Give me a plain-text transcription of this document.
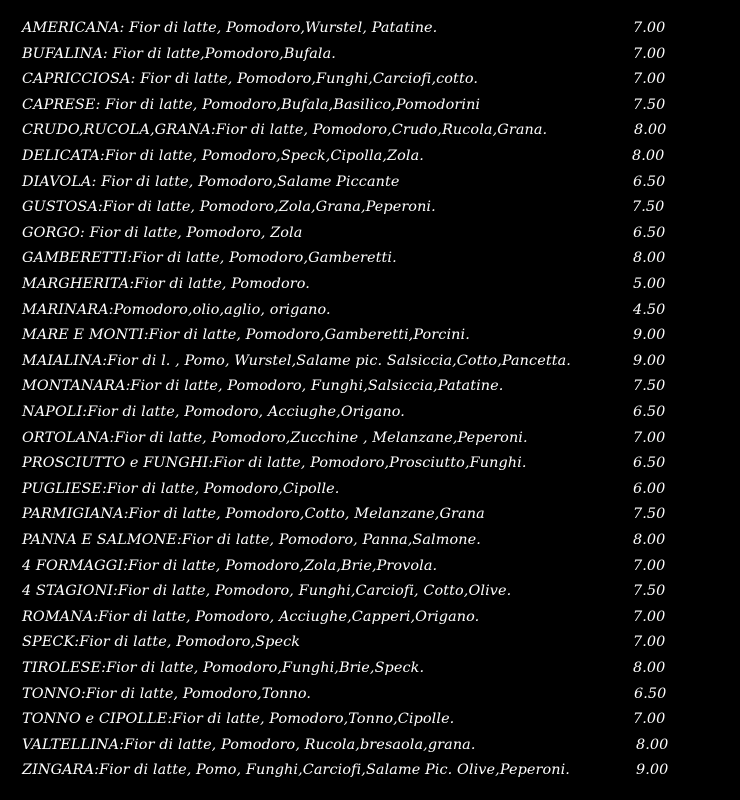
AMERICANA: Fior di latte, Pomodoro,Wurstel, Patatine.	7.00
BUFALINA: Fior di latte,Pomodoro,Bufala.	7.00
CAPRICCIOSA: Fior di latte, Pomodoro,Funghi,Carciofi,cotto.	7.00
CAPRESE: Fior di latte, Pomodoro,Bufala,Basilico,Pomodorini	7.50
CRUDO,RUCOLA,GRANA:Fior di latte, Pomodoro,Crudo,Rucola,Grana.	8.00
DELICATA:Fior di latte, Pomodoro,Speck,Cipolla,Zola.	8.00
DIAVOLA: Fior di latte, Pomodoro,Salame Piccante	6.50
GUSTOSA:Fior di latte, Pomodoro,Zola,Grana,Peperoni.	7.50
GORGO: Fior di latte, Pomodoro, Zola	6.50
GAMBERETTI:Fior di latte, Pomodoro,Gamberetti.	8.00
MARGHERITA:Fior di latte, Pomodoro.	5.00
MARINARA:Pomodoro,olio,aglio, origano.	4.50
MARE E MONTI:Fior di latte, Pomodoro,Gamberetti,Porcini.	9.00
MAIALINA:Fior di l. , Pomo, Wurstel,Salame pic. Salsiccia,Cotto,Pancetta.	9.00
MONTANARA:Fior di latte, Pomodoro, Funghi,Salsiccia,Patatine.	7.50
NAPOLI:Fior di latte, Pomodoro, Acciughe,Origano.	6.50
ORTOLANA:Fior di latte, Pomodoro,Zucchine , Melanzane,Peperoni.	7.00
PROSCIUTTO e FUNGHI:Fior di latte, Pomodoro,Prosciutto,Funghi.	6.50
PUGLIESE:Fior di latte, Pomodoro,Cipolle.	6.00
PARMIGIANA:Fior di latte, Pomodoro,Cotto, Melanzane,Grana	7.50
PANNA E SALMONE:Fior di latte, Pomodoro, Panna,Salmone.	8.00
4 FORMAGGI:Fior di latte, Pomodoro,Zola,Brie,Provola.	7.00
4 STAGIONI:Fior di latte, Pomodoro, Funghi,Carciofi, Cotto,Olive.	7.50
ROMANA:Fior di latte, Pomodoro, Acciughe,Capperi,Origano.	7.00
SPECK:Fior di latte, Pomodoro,Speck	7.00
TIROLESE:Fior di latte, Pomodoro,Funghi,Brie,Speck.	8.00
TONNO:Fior di latte, Pomodoro,Tonno.	6.50
TONNO e CIPOLLE:Fior di latte, Pomodoro,Tonno,Cipolle.	7.00
VALTELLINA:Fior di latte, Pomodoro, Rucola,bresaola,grana.	8.00
ZINGARA:Fior di latte, Pomo, Funghi,Carciofi,Salame Pic. Olive,Peperoni.	9.00
